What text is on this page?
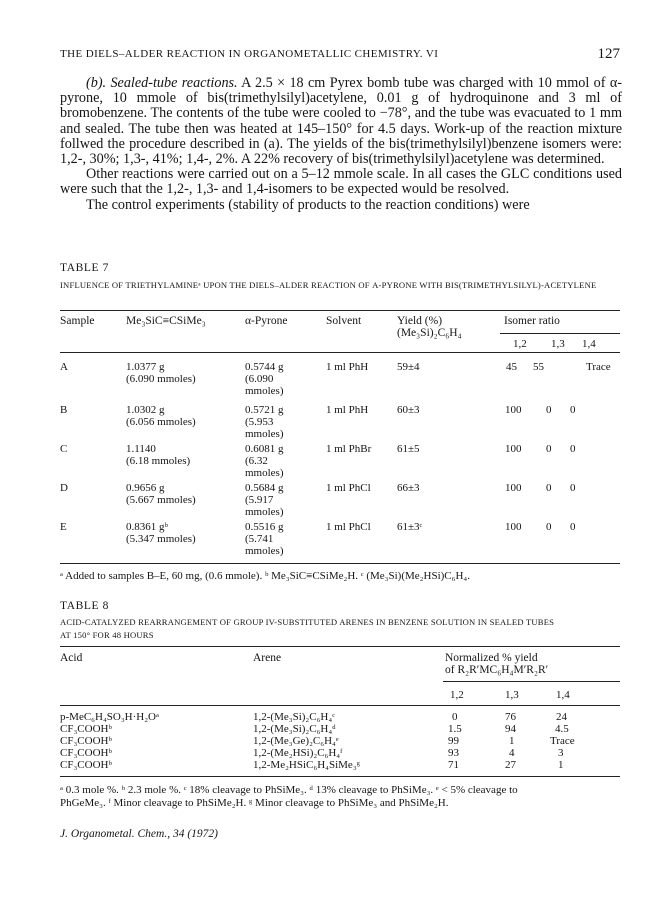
THE DIELS–ALDER REACTION IN ORGANOMETALLIC CHEMISTRY. VI	127

(b). Sealed-tube reactions. A 2.5 × 18 cm Pyrex bomb tube was charged with 10 mmol of α-pyrone, 10 mmole of bis(trimethylsilyl)acetylene, 0.01 g of hydroquinone and 3 ml of bromobenzene. The contents of the tube were cooled to −78°, and the tube was evacuated to 1 mm and sealed. The tube then was heated at 145–150° for 4.5 days. Work-up of the reaction mixture follwed the procedure described in (a). The yields of the bis(trimethylsilyl)benzene isomers were: 1,2-, 30%; 1,3-, 41%; 1,4-, 2%. A 22% recovery of bis(trimethylsilyl)acetylene was determined.

Other reactions were carried out on a 5–12 mmole scale. In all cases the GLC conditions used were such that the 1,2-, 1,3- and 1,4-isomers to be expected would be resolved.

The control experiments (stability of products to the reaction conditions) were

TABLE 7
INFLUENCE OF TRIETHYLAMINEᵃ UPON THE DIELS–ALDER REACTION OF Α-PYRONE WITH BIS(TRIMETHYLSILYL)-ACETYLENE
Sample	Me₃SiC≡CSiMe₃	α-Pyrone	Solvent	Yield (%)
(Me₃Si)₂C₆H₄
Isomer ratio
1,2 1,3 1,4
A	1.0377 g
(6.090 mmoles)
0.5744 g
(6.090
mmoles)
1 ml PhH	59±4	45 55	Trace
B	1.0302 g
(6.056 mmoles)
0.5721 g
(5.953
mmoles)
1 ml PhH	60±3	100 0 0
C	1.1140
(6.18 mmoles)
0.6081 g
(6.32
mmoles)
1 ml PhBr 61±5	100 0 0
D	0.9656 g
(5.667 mmoles)
0.5684 g
(5.917
mmoles)
1 ml PhCl 66±3	100 0 0
E	0.8361 gᵇ
(5.347 mmoles)
0.5516 g
(5.741
mmoles)
1 ml PhCl 61±3ᶜ	100 0 0
ᵃ Added to samples B–E, 60 mg, (0.6 mmole). ᵇ Me₃SiC≡CSiMe₂H. ᶜ (Me₃Si)(Me₂HSi)C₆H₄.
TABLE 8
ACID-CATALYZED REARRANGEMENT OF GROUP IV-SUBSTITUTED ARENES IN BENZENE SOLUTION IN SEALED TUBES
AT 150° FOR 48 HOURS
Acid	Arene	Normalized % yield
of R₂R′MC₆H₄M′R₂R′
1,2	1,3	1,4
p-MeC₆H₄SO₃H·H₂Oᵃ	1,2-(Me₃Si)₂C₆H₄ᶜ	0	76	24
CF₃COOHᵇ	1,2-(Me₃Si)₂C₆H₄ᵈ	1.5	94	4.5
CF₃COOHᵇ	1,2-(Me₃Ge)₂C₆H₄ᵉ	99	1	Trace
CF₃COOHᵇ	1,2-(Me₂HSi)₂C₆H₄ᶠ	93	4	3
CF₃COOHᵇ	1,2-Me₂HSiC₆H₄SiMe₃ᵍ	71	27	1
ᵃ 0.3 mole %. ᵇ 2.3 mole %. ᶜ 18% cleavage to PhSiMe₃. ᵈ 13% cleavage to PhSiMe₃. ᵉ < 5% cleavage to
PhGeMe₃. ᶠ Minor cleavage to PhSiMe₂H. ᵍ Minor cleavage to PhSiMe₃ and PhSiMe₂H.
J. Organometal. Chem., 34 (1972)
